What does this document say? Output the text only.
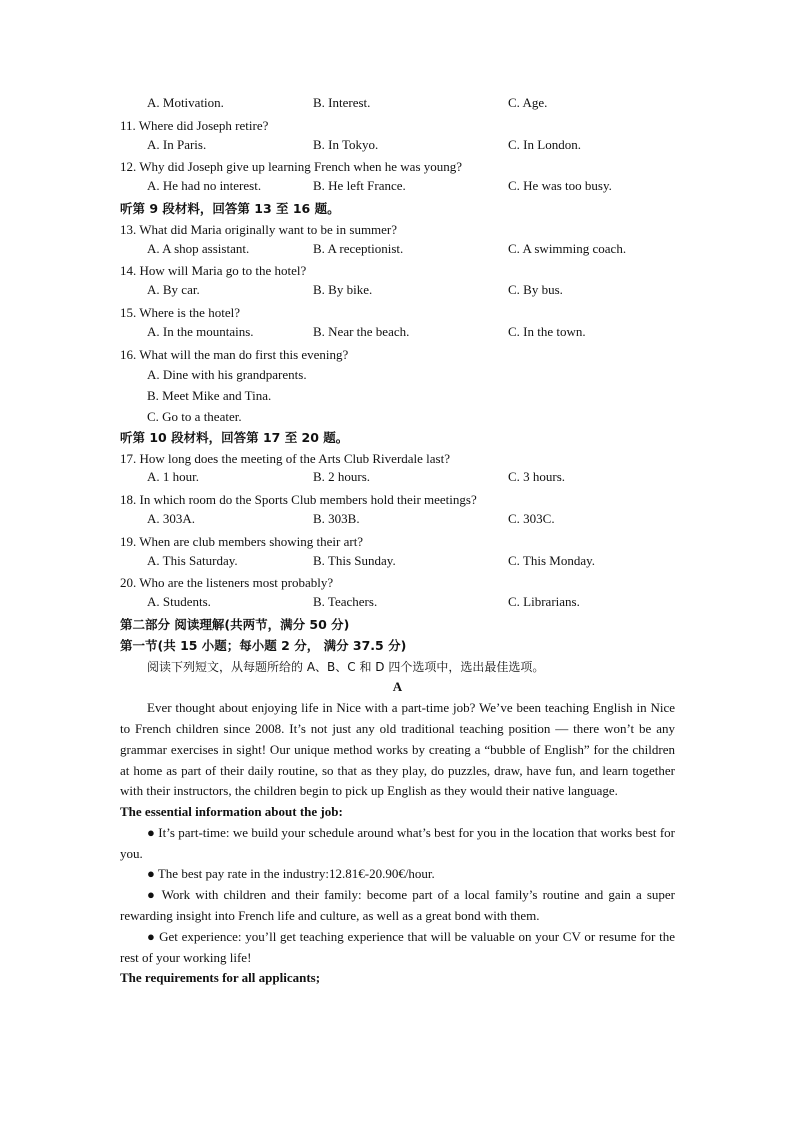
A. Motivation.	B. Interest.	C. Age.
11. Where did Joseph retire?
A. In Paris.	B. In Tokyo.	C. In London.
12. Why did Joseph give up learning French when he was young?
A. He had no interest.	B. He left France.	C. He was too busy.
听第 9 段材料，回答第 13 至 16 题。
13. What did Maria originally want to be in summer?
A. A shop assistant.	B. A receptionist.	C. A swimming coach.
14. How will Maria go to the hotel?
A. By car.	B. By bike.	C. By bus.
15. Where is the hotel?
A. In the mountains.	B. Near the beach.	C. In the town.
16. What will the man do first this evening?
A. Dine with his grandparents.
B. Meet Mike and Tina.
C. Go to a theater.
听第 10 段材料，回答第 17 至 20 题。
17. How long does the meeting of the Arts Club Riverdale last?
A. 1 hour.	B. 2 hours.	C. 3 hours.
18. In which room do the Sports Club members hold their meetings?
A. 303A.	B. 303B.	C. 303C.
19. When are club members showing their art?
A. This Saturday.	B. This Sunday.	C. This Monday.
20. Who are the listeners most probably?
A. Students.	B. Teachers.	C. Librarians.
第二部分 阅读理解(共两节，满分 50 分)
第一节(共 15 小题；每小题 2 分， 满分 37.5 分)
阅读下列短文，从每题所给的 A、B、C 和 D 四个选项中，选出最佳选项。
A

Ever thought about enjoying life in Nice with a part-time job? We’ve been teaching English in Nice to French children since 2008. It’s not just any old traditional teaching position — there won’t be any grammar exercises in sight! Our unique method works by creating a “bubble of English” for the children at home as part of their daily routine, so that as they play, do puzzles, draw, have fun, and learn together with their instructors, the children begin to pick up English as they would their native language.

The essential information about the job:

● It’s part-time: we build your schedule around what’s best for you in the location that works best for you.

● The best pay rate in the industry:12.81€-20.90€/hour.

● Work with children and their family: become part of a local family’s routine and gain a super rewarding insight into French life and culture, as well as a great bond with them.

● Get experience: you’ll get teaching experience that will be valuable on your CV or resume for the rest of your working life!

The requirements for all applicants;
